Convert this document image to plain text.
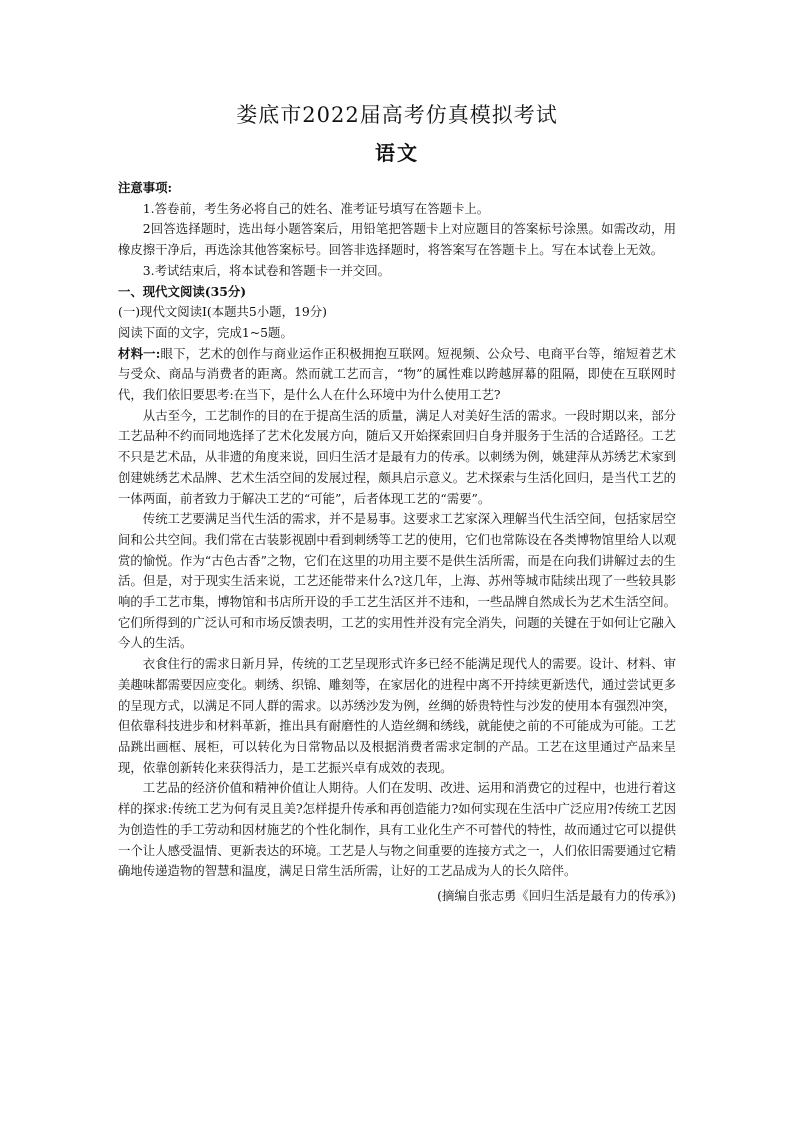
娄底市2022届高考仿真模拟考试
语文

注意事项:

1.答卷前，考生务必将自己的姓名、准考证号填写在答题卡上。

2回答选择题时，选出每小题答案后，用铅笔把答题卡上对应题目的答案标号涂黑。如需改动，用橡皮擦干净后，再选涂其他答案标号。回答非选择题时，将答案写在答题卡上。写在本试卷上无效。

3.考试结束后，将本试卷和答题卡一并交回。

一、现代文阅读(35分)

(一)现代文阅读I(本题共5小题，19分)

阅读下面的文字，完成1~5题。

材料一:眼下，艺术的创作与商业运作正积极拥抱互联网。短视频、公众号、电商平台等，缩短着艺术与受众、商品与消费者的距离。然而就工艺而言，“物”的属性难以跨越屏幕的阻隔，即使在互联网时代，我们依旧要思考:在当下，是什么人在什么环境中为什么使用工艺?

从古至今，工艺制作的目的在于提高生活的质量，满足人对美好生活的需求。一段时期以来，部分工艺品种不约而同地选择了艺术化发展方向，随后又开始探索回归自身并服务于生活的合适路径。工艺不只是艺术品，从非遗的角度来说，回归生活才是最有力的传承。以刺绣为例，姚建萍从苏绣艺术家到创建姚绣艺术品牌、艺术生活空间的发展过程，颇具启示意义。艺术探索与生活化回归，是当代工艺的一体两面，前者致力于解决工艺的“可能”，后者体现工艺的“需要”。

传统工艺要满足当代生活的需求，并不是易事。这要求工艺家深入理解当代生活空间，包括家居空间和公共空间。我们常在古装影视剧中看到刺绣等工艺的使用，它们也常陈设在各类博物馆里给人以观赏的愉悦。作为“古色古香”之物，它们在这里的功用主要不是供生活所需，而是在向我们讲解过去的生活。但是，对于现实生活来说，工艺还能带来什么?这几年，上海、苏州等城市陆续出现了一些较具影响的手工艺市集，博物馆和书店所开设的手工艺生活区并不违和，一些品牌自然成长为艺术生活空间。它们所得到的广泛认可和市场反馈表明，工艺的实用性并没有完全消失，问题的关键在于如何让它融入今人的生活。

衣食住行的需求日新月异，传统的工艺呈现形式许多已经不能满足现代人的需要。设计、材料、审美趣味都需要因应变化。刺绣、织锦、雕刻等，在家居化的进程中离不开持续更新迭代，通过尝试更多的呈现方式，以满足不同人群的需求。以苏绣沙发为例，丝绸的娇贵特性与沙发的使用本有强烈冲突，但依靠科技进步和材料革新，推出具有耐磨性的人造丝绸和绣线，就能使之前的不可能成为可能。工艺品跳出画框、展柜，可以转化为日常物品以及根据消费者需求定制的产品。工艺在这里通过产品来呈现，依靠创新转化来获得活力，是工艺振兴卓有成效的表现。

工艺品的经济价值和精神价值让人期待。人们在发明、改进、运用和消费它的过程中，也进行着这样的探求:传统工艺为何有灵且美?怎样提升传承和再创造能力?如何实现在生活中广泛应用?传统工艺因为创造性的手工劳动和因材施艺的个性化制作，具有工业化生产不可替代的特性，故而通过它可以提供一个让人感受温情、更新表达的环境。工艺是人与物之间重要的连接方式之一，人们依旧需要通过它精确地传递造物的智慧和温度，满足日常生活所需，让好的工艺品成为人的长久陪伴。

(摘编自张志勇《回归生活是最有力的传承》)
